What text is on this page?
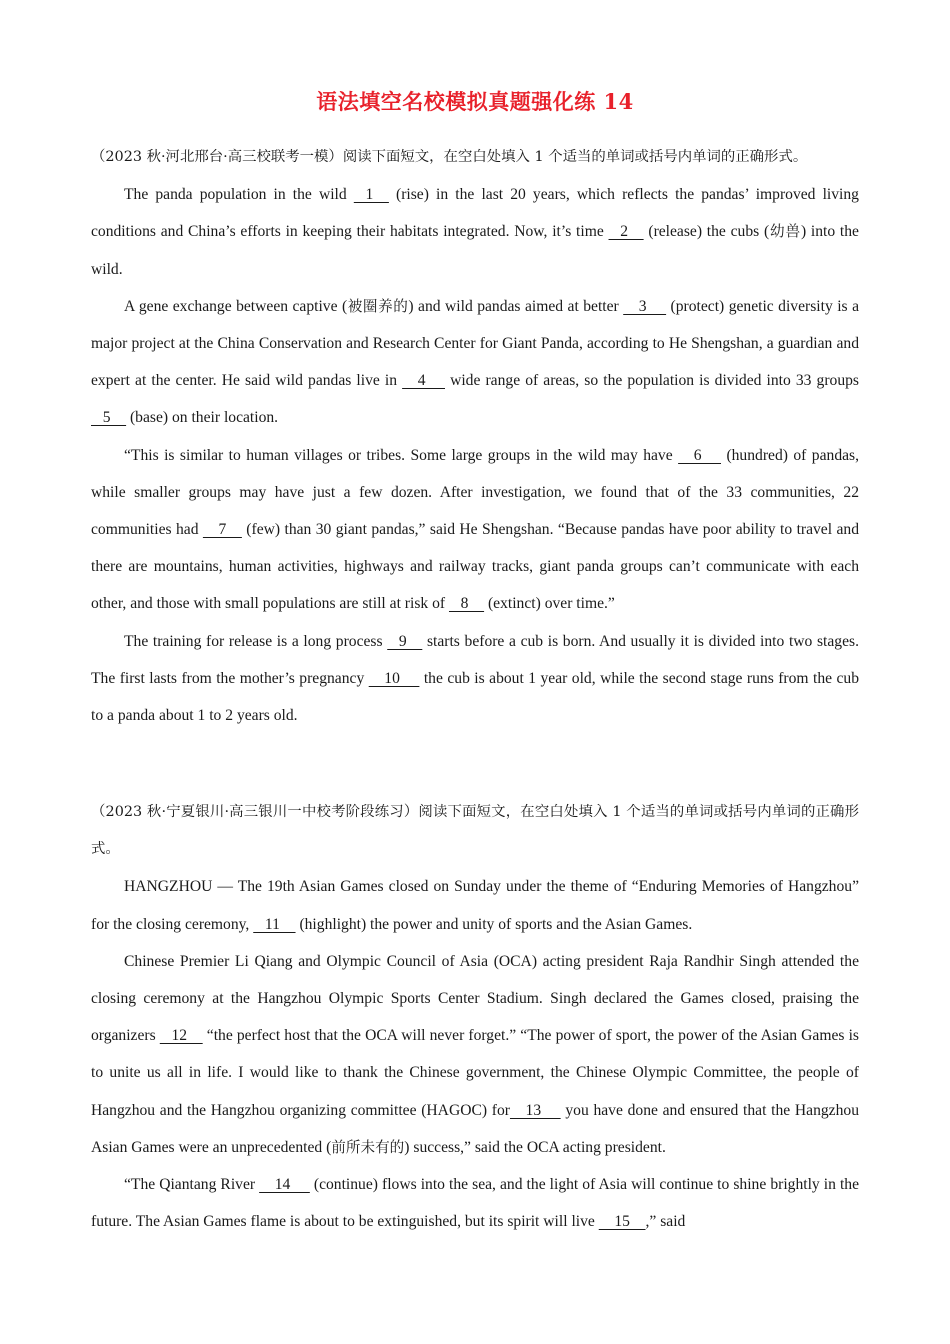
语法填空名校模拟真题强化练 14

（2023 秋·河北邢台·高三校联考一模）阅读下面短文，在空白处填入 1 个适当的单词或括号内单词的正确形式。

The panda population in the wild    1     (rise) in the last 20 years, which reflects the pandas’ improved living conditions and China’s efforts in keeping their habitats integrated. Now, it’s time    2     (release) the cubs (幼兽) into the wild.

A gene exchange between captive (被圈养的) and wild pandas aimed at better     3      (protect) genetic diversity is a major project at the China Conservation and Research Center for Giant Panda, according to He Shengshan, a guardian and expert at the center. He said wild pandas live in     4      wide range of areas, so the population is divided into 33 groups    5     (base) on their location.

“This is similar to human villages or tribes. Some large groups in the wild may have     6      (hundred) of pandas, while smaller groups may have just a few dozen. After investigation, we found that of the 33 communities, 22 communities had     7     (few) than 30 giant pandas,” said He Shengshan. “Because pandas have poor ability to travel and there are mountains, human activities, highways and railway tracks, giant panda groups can’t communicate with each other, and those with small populations are still at risk of    8     (extinct) over time.”

The training for release is a long process    9     starts before a cub is born. And usually it is divided into two stages. The first lasts from the mother’s pregnancy     10      the cub is about 1 year old, while the second stage runs from the cub to a panda about 1 to 2 years old.

（2023 秋·宁夏银川·高三银川一中校考阶段练习）阅读下面短文，在空白处填入 1 个适当的单词或括号内单词的正确形式。

HANGZHOU — The 19th Asian Games closed on Sunday under the theme of “Enduring Memories of Hangzhou” for the closing ceremony,    11     (highlight) the power and unity of sports and the Asian Games.

Chinese Premier Li Qiang and Olympic Council of Asia (OCA) acting president Raja Randhir Singh attended the closing ceremony at the Hangzhou Olympic Sports Center Stadium. Singh declared the Games closed, praising the organizers    12     “the perfect host that the OCA will never forget.” “The power of sport, the power of the Asian Games is to unite us all in life. I would like to thank the Chinese government, the Chinese Olympic Committee, the people of Hangzhou and the Hangzhou organizing committee (HAGOC) for    13      you have done and ensured that the Hangzhou Asian Games were an unprecedented (前所未有的) success,” said the OCA acting president.

“The Qiantang River     14      (continue) flows into the sea, and the light of Asia will continue to shine brightly in the future. The Asian Games flame is about to be extinguished, but its spirit will live     15    ,” said
